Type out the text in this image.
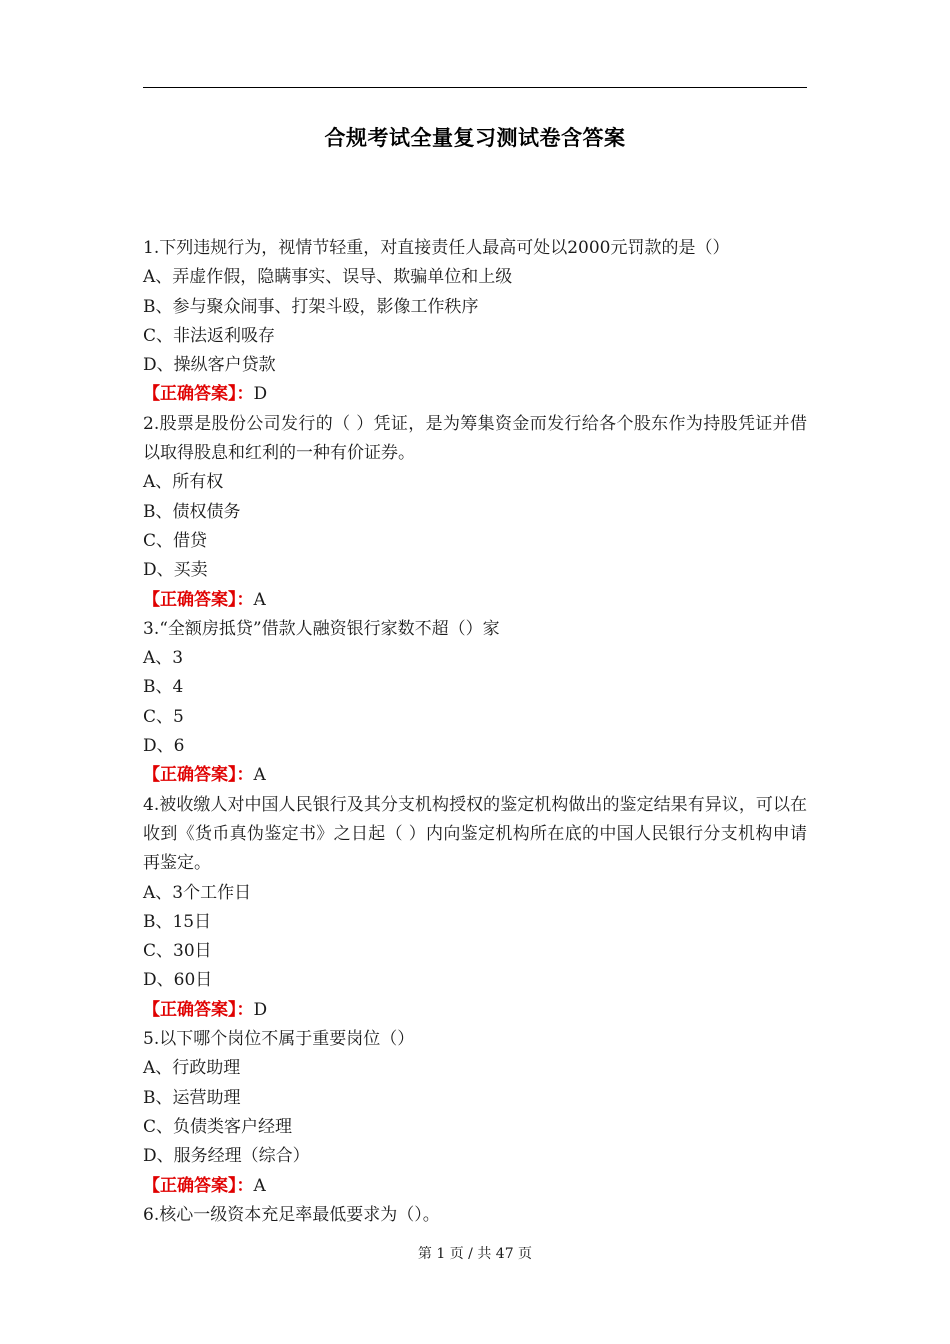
合规考试全量复习测试卷含答案

1.下列违规行为，视情节轻重，对直接责任人最高可处以2000元罚款的是（）

A、弄虚作假，隐瞒事实、误导、欺骗单位和上级

B、参与聚众闹事、打架斗殴，影像工作秩序

C、非法返利吸存

D、操纵客户贷款

【正确答案】：D

2.股票是股份公司发行的（ ）凭证，是为筹集资金而发行给各个股东作为持股凭证并借以取得股息和红利的一种有价证券。

A、所有权

B、债权债务

C、借贷

D、买卖

【正确答案】：A

3.“全额房抵贷”借款人融资银行家数不超（）家

A、3

B、4

C、5

D、6

【正确答案】：A

4.被收缴人对中国人民银行及其分支机构授权的鉴定机构做出的鉴定结果有异议，可以在收到《货币真伪鉴定书》之日起（ ）内向鉴定机构所在底的中国人民银行分支机构申请再鉴定。

A、3个工作日

B、15日

C、30日

D、60日

【正确答案】：D

5.以下哪个岗位不属于重要岗位（）

A、行政助理

B、运营助理

C、负债类客户经理

D、服务经理（综合）

【正确答案】：A

6.核心一级资本充足率最低要求为（）。

第 1 页 / 共 47 页
